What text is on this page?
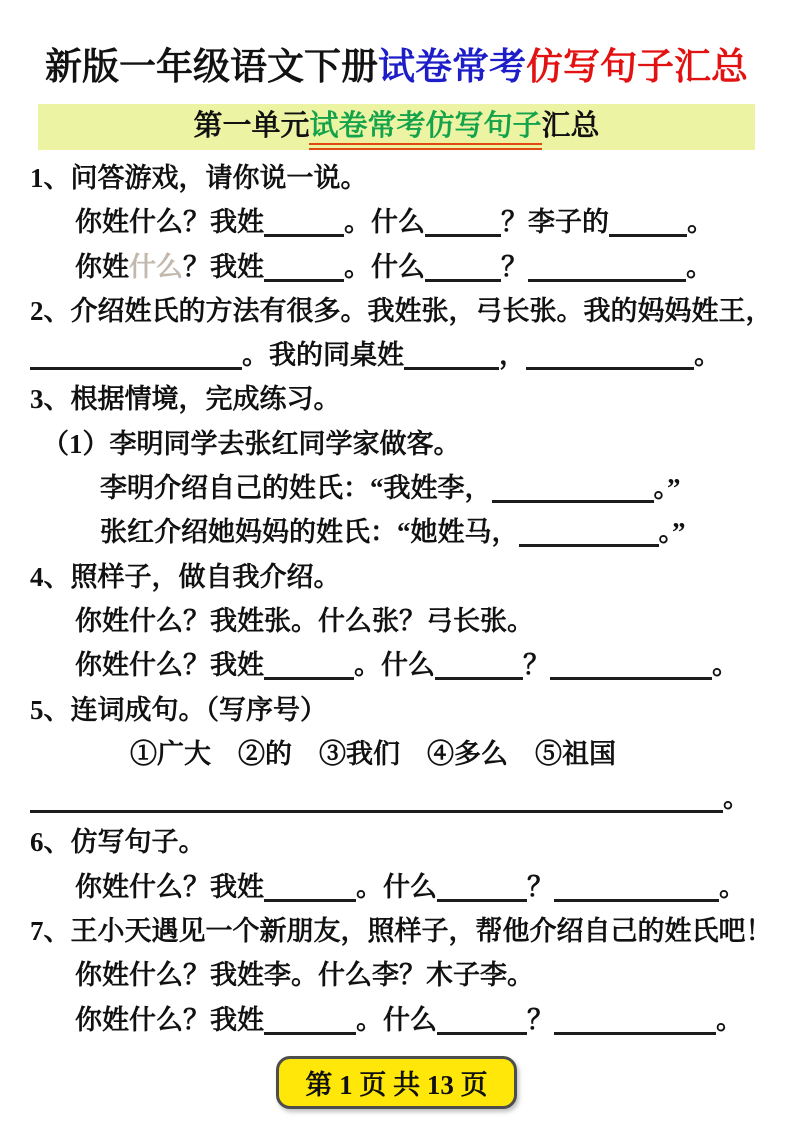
新版一年级语文下册试卷常考仿写句子汇总
第一单元试卷常考仿写句子汇总
1、问答游戏，请你说一说。
你姓什么？我姓	。什么	？李子的	。
你姓什么？我姓	。什么	？	。
2、介绍姓氏的方法有很多。我姓张，弓长张。我的妈妈姓王，
。我的同桌姓	，	。
3、根据情境，完成练习。
（1）李明同学去张红同学家做客。
李明介绍自己的姓氏：“我姓李，	。”
张红介绍她妈妈的姓氏：“她姓马，	。”
4、照样子，做自我介绍。
你姓什么？我姓张。什么张？弓长张。
你姓什么？我姓	。什么	？	。
5、连词成句。（写序号）
①广大　②的　③我们　④多么　⑤祖国
。
6、仿写句子。
你姓什么？我姓	。什么	？	。
7、王小天遇见一个新朋友，照样子，帮他介绍自己的姓氏吧！
你姓什么？我姓李。什么李？木子李。
你姓什么？我姓	。什么	？	。
第 1 页 共 13 页
